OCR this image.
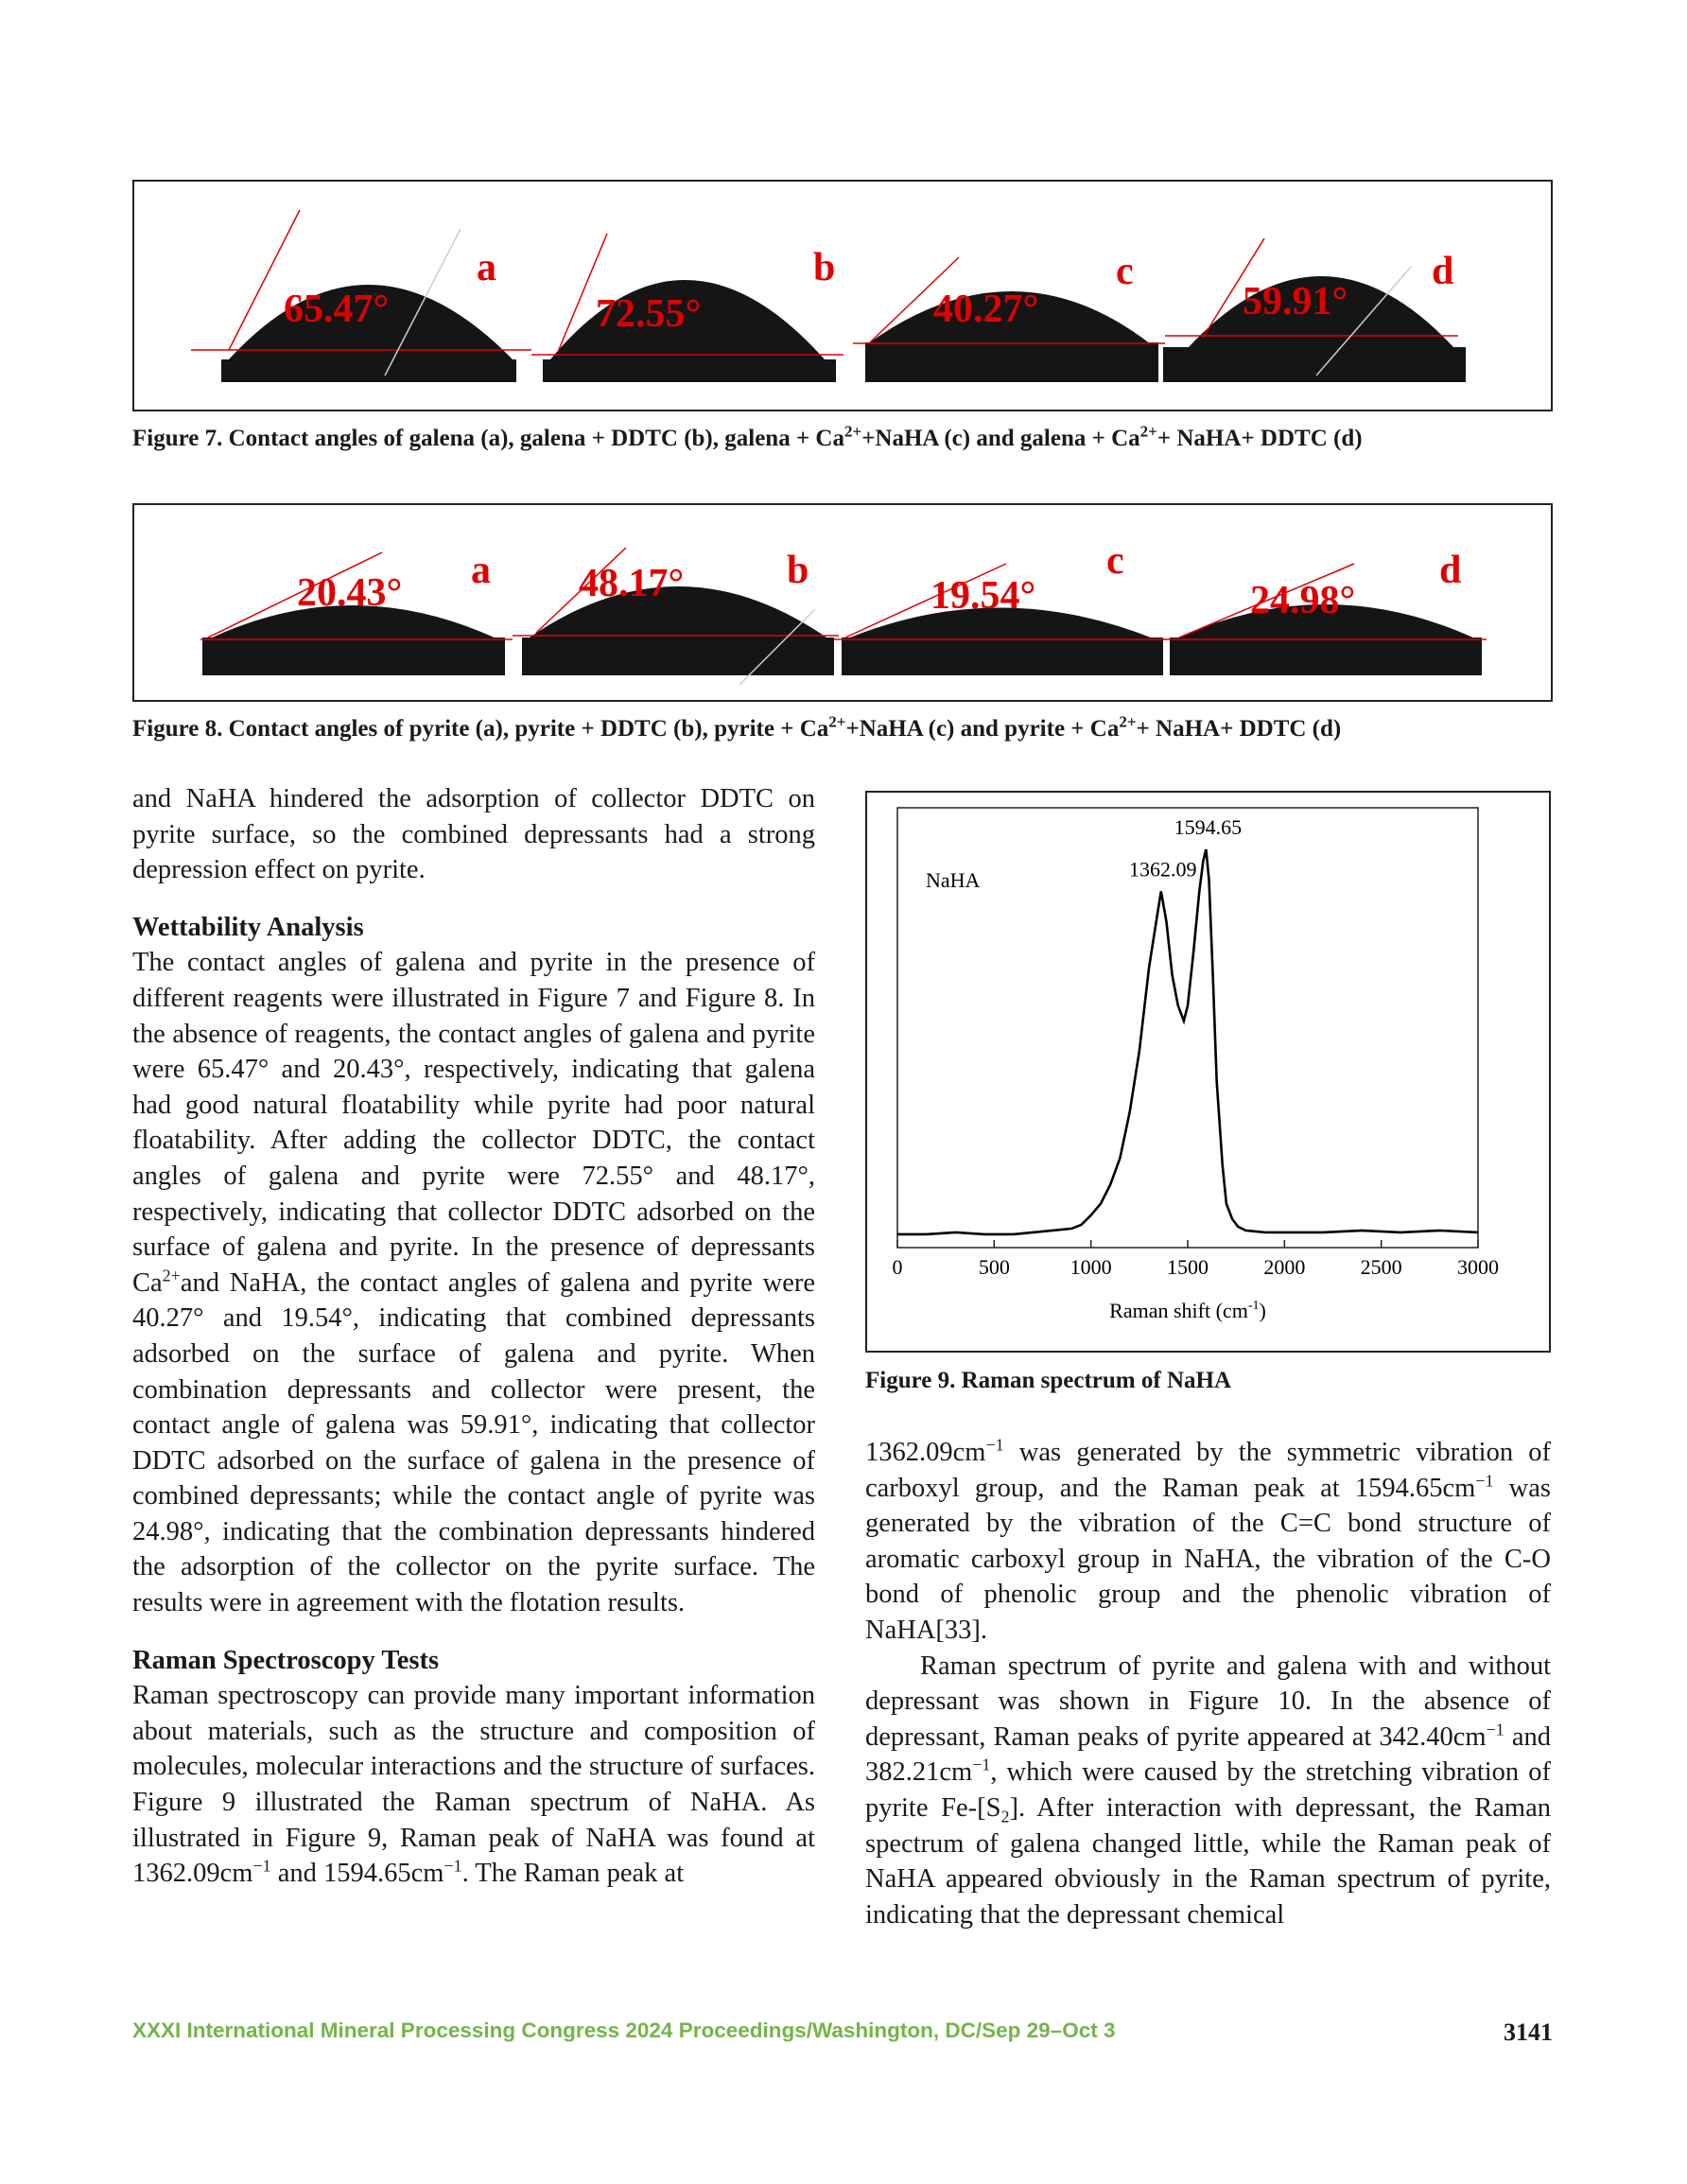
65.47°
a
72.55°
b
40.27°
c
59.91°
d
Figure 7. Contact angles of galena (a), galena + DDTC (b), galena + $Ca^{2+}+NaHA$ (c) and galena + $Ca^{2+}+$ NaHA+ DDTC (d)
20.43°
a 48.17°	b
19.54°
c
24.98°
d
Figure 8. Contact angles of pyrite (a), pyrite + DDTC (b), pyrite + $Ca^{2+}+NaHA$ (c) and pyrite + $Ca^{2+}+$ NaHA+ DDTC (d)

and NaHA hindered the adsorption of collector DDTC on pyrite surface, so the combined depressants had a strong depression effect on pyrite.

Wettability Analysis

The contact angles of galena and pyrite in the presence of different reagents were illustrated in Figure 7 and Figure 8. In the absence of reagents, the contact angles of galena and pyrite were 65.47° and 20.43°, respectively, indicating that galena had good natural floatability while pyrite had poor natural floatability. After adding the collector DDTC, the contact angles of galena and pyrite were 72.55° and 48.17°, respectively, indicating that collector DDTC adsorbed on the surface of galena and pyrite. In the presence of depressants $Ca^{2+}and$ NaHA, the contact angles of galena and pyrite were 40.27° and 19.54°, indicating that combined depressants adsorbed on the surface of galena and pyrite. When combination depressants and collector were present, the contact angle of galena was 59.91°, indicating that collector DDTC adsorbed on the surface of galena in the presence of combined depressants; while the contact angle of pyrite was 24.98°, indicating that the combination depressants hindered the adsorption of the collector on the pyrite surface. The results were in agreement with the flotation results.

Raman Spectroscopy Tests

Raman spectroscopy can provide many important information about materials, such as the structure and composition of molecules, molecular interactions and the structure of surfaces. Figure 9 illustrated the Raman spectrum of NaHA. As illustrated in Figure 9, Raman peak of NaHA was found at $1362.09cm^{-1}$ and $1594.65cm^{-1}$. The Raman peak at

0	500	1000	1500	2000	2500	3000
NaHA	1362.09
1594.65
Raman shift $(cm^{-1})$
Figure 9. Raman spectrum of NaHA

$1362.09cm^{-1}$ was generated by the symmetric vibration of carboxyl group, and the Raman peak at $1594.65cm^{-1}$ was generated by the vibration of the C=C bond structure of aromatic carboxyl group in NaHA, the vibration of the C-O bond of phenolic group and the phenolic vibration of NaHA[33].

Raman spectrum of pyrite and galena with and without depressant was shown in Figure 10. In the absence of depressant, Raman peaks of pyrite appeared at $342.40cm^{-1}$ and $382.21cm^{-1}$, which were caused by the stretching vibration of pyrite $Fe-[S_2]$. After interaction with depressant, the Raman spectrum of galena changed little, while the Raman peak of NaHA appeared obviously in the Raman spectrum of pyrite, indicating that the depressant chemical

XXXI International Mineral Processing Congress 2024 Proceedings/Washington, DC/Sep 29–Oct 3	3141
